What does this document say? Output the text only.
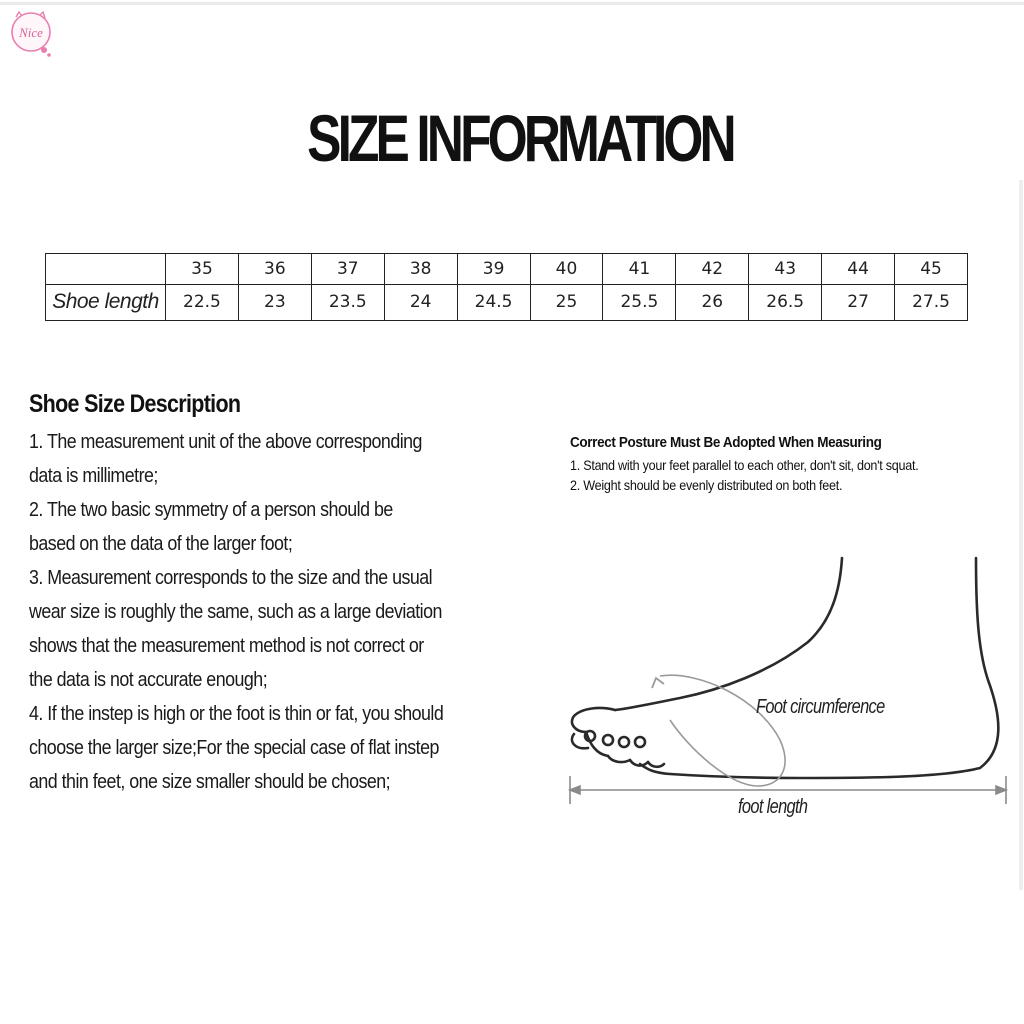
Nice
SIZE INFORMATION
	35	36	37	38	39	40	41	42	43	44	45
Shoe length	22.5	23	23.5	24	24.5	25	25.5	26	26.5	27	27.5
Shoe Size Description
1. The measurement unit of the above corresponding
data is millimetre;
2. The two basic symmetry of a person should be
based on the data of the larger foot;
3. Measurement corresponds to the size and the usual
wear size is roughly the same, such as a large deviation
shows that the measurement method is not correct or
the data is not accurate enough;
4. If the instep is high or the foot is thin or fat, you should
choose the larger size;For the special case of flat instep
and thin feet, one size smaller should be chosen;
Correct Posture Must Be Adopted When Measuring
1. Stand with your feet parallel to each other, don't sit, don't squat.
2. Weight should be evenly distributed on both feet.
Foot circumference
foot length
